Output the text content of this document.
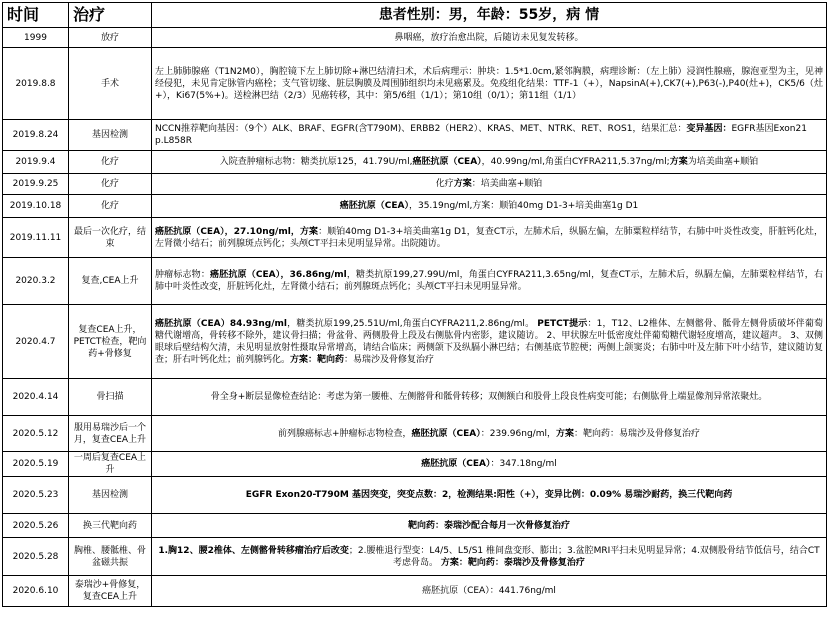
时间	治疗	患者性别：男，年龄：55岁，病 情
1999	放疗	鼻咽癌，放疗治愈出院，后随访未见复发转移。
2019.8.8	手术	左上肺肺腺癌（T1N2M0），胸腔镜下左上肺切除+淋巴结清扫术，术后病理示：肿块：1.5*1.0cm,紧邻胸膜，病理诊断：（左上肺）浸润性腺癌，腺泡亚型为主，见神经侵犯，未见肯定脉管内癌栓；支气管切缘、脏层胸膜及周围肺组织均未见癌累及。免疫组化结果：TTF-1（+），NapsinA(+),CK7(+),P63(-),P40(灶+)，CK5/6（灶+），Ki67(5%+)。送检淋巴结（2/3）见癌转移，其中：第5/6组（1/1）；第10组（0/1）；第11组（1/1）
2019.8.24	基因检测	NCCN推荐靶向基因：（9个）ALK、BRAF、EGFR(含T790M)、ERBB2（HER2）、KRAS、MET、NTRK、RET、ROS1，结果汇总：变异基因：EGFR基因Exon21 p.L858R
2019.9.4	化疗	入院查肿瘤标志物：糖类抗原125，41.79U/ml,癌胚抗原（CEA），40.99ng/ml,角蛋白CYFRA211,5.37ng/ml;方案为培美曲塞+顺铂
2019.9.25	化疗	化疗方案：培美曲塞+顺铂
2019.10.18	化疗	癌胚抗原（CEA），35.19ng/ml,方案：顺铂40mg D1-3+培美曲塞1g D1
2019.11.11	最后一次化疗，结束	癌胚抗原（CEA），27.10ng/ml，方案：顺铂40mg D1-3+培美曲塞1g D1，复查CT示，左肺术后，纵膈左偏，左肺粟粒样结节，右肺中叶炎性改变，肝脏钙化灶，左肾微小结石；前列腺斑点钙化；头颅CT平扫未见明显异常。出院随访。
2020.3.2	复查,CEA上升	肿瘤标志物：癌胚抗原（CEA），36.86ng/ml，糖类抗原199,27.99U/ml，角蛋白CYFRA211,3.65ng/ml，复查CT示，左肺术后，纵膈左偏，左肺粟粒样结节，右肺中叶炎性改变，肝脏钙化灶，左肾微小结石；前列腺斑点钙化；头颅CT平扫未见明显异常。
2020.4.7	复查CEA上升，PETCT检查，靶向药+骨修复	癌胚抗原（CEA）84.93ng/ml，糖类抗原199,25.51U/ml,角蛋白CYFRA211,2.86ng/ml。 PETCT提示：1，T12、L2椎体、左侧髂骨、骶骨左侧骨质破坏伴葡萄糖代谢增高，骨转移不除外，建议骨扫描；骨盆骨、两侧股骨上段及右侧肱骨内密影，建议随访。 2、甲状腺左叶低密度灶伴葡萄糖代谢轻度增高，建议超声。 3、双侧眼球后壁结构欠清，未见明显放射性摄取异常增高，请结合临床；两侧颌下及纵膈小淋巴结；右侧基底节腔梗；两侧上颌窦炎；右肺中叶及左肺下叶小结节，建议随访复查；肝右叶钙化灶；前列腺钙化。方案：靶向药：易瑞沙及骨修复治疗
2020.4.14	骨扫描	骨全身+断层显像检查结论：考虑为第一腰椎、左侧髂骨和骶骨转移；双侧额白和股骨上段良性病变可能；右侧肱骨上端显像剂异常浓聚灶。
2020.5.12	服用易瑞沙后一个月，复查CEA上升	前列腺癌标志+肿瘤标志物检查，癌胚抗原（CEA）：239.96ng/ml，方案：靶向药：易瑞沙及骨修复治疗
2020.5.19	一周后复查CEA上升	癌胚抗原（CEA）：347.18ng/ml
2020.5.23	基因检测	EGFR Exon20-T790M 基因突变，突变点数：2，检测结果:阳性（+），变异比例：0.09% 易瑞沙耐药，换三代靶向药
2020.5.26	换三代靶向药	靶向药：泰瑞沙配合每月一次骨修复治疗
2020.5.28	胸椎、腰骶椎、骨盆磁共振	1.胸12、腰2椎体、左侧髂骨转移瘤治疗后改变；2.腰椎退行型变：L4/5、L5/S1 椎间盘变形、膨出；3.盆腔MRI平扫未见明显异常；4.双侧股骨结节低信号，结合CT考虑骨岛。 方案：靶向药：泰瑞沙及骨修复治疗
2020.6.10	泰瑞沙+骨修复，复查CEA上升	癌胚抗原（CEA）：441.76ng/ml
